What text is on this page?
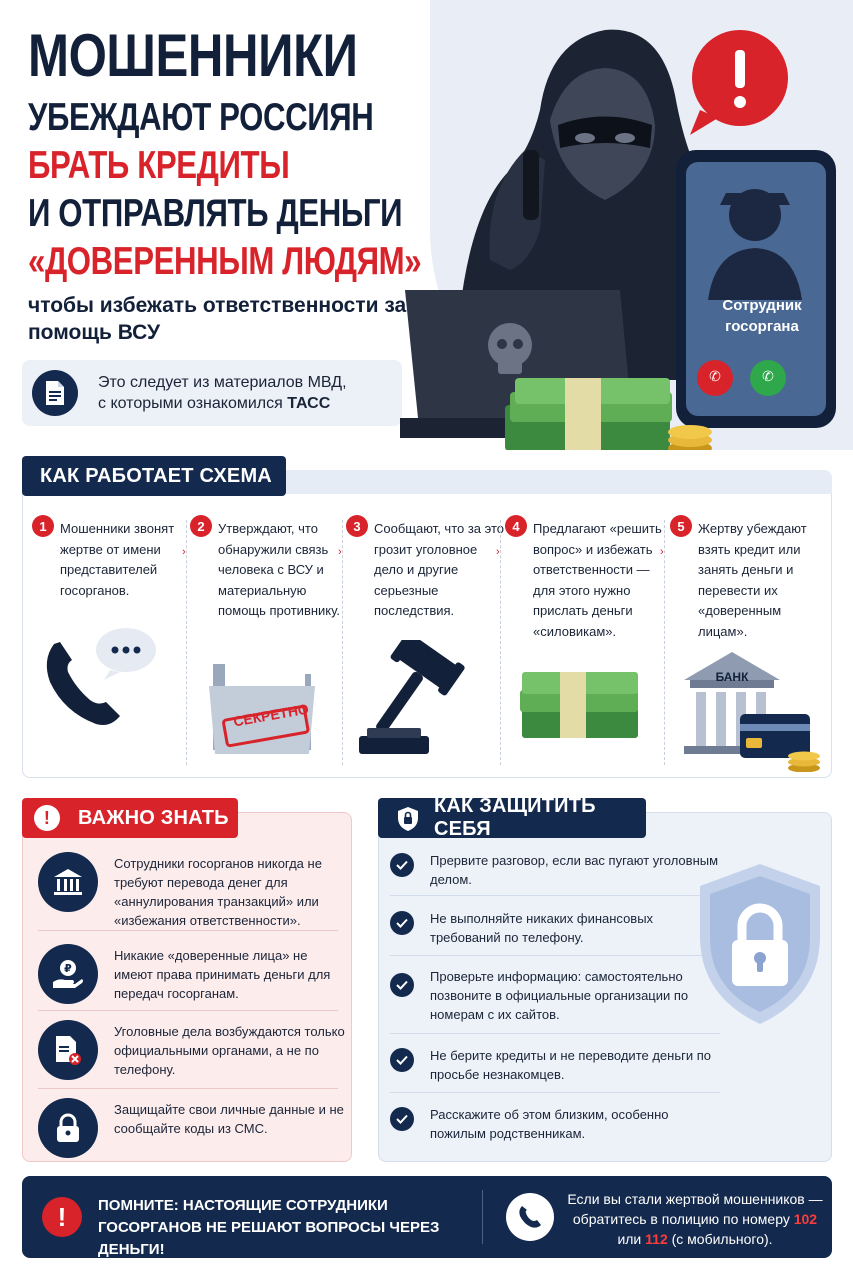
МОШЕННИКИ
УБЕЖДАЮТ РОССИЯН
БРАТЬ КРЕДИТЫ
И ОТПРАВЛЯТЬ ДЕНЬГИ
«ДОВЕРЕННЫМ ЛЮДЯМ»
чтобы избежать ответственности за помощь ВСУ
Это следует из материалов МВД,
с которыми ознакомился ТАСС
Сотрудник
госоргана
✆	✆
КАК РАБОТАЕТ СХЕМА
1	Мошенники звонят жертве от имени представителей госорганов.
2	Утверждают, что обнаружили связь человека с ВСУ и материальную помощь противнику.
3	Сообщают, что за это грозит уголовное дело и другие серьезные последствия.
4	Предлагают «решить вопрос» и избежать ответственности — для этого нужно прислать деньги «силовикам».
5	Жертву убеждают взять кредит или занять деньги и перевести их «доверенным лицам».
›	›	›	›
СЕКРЕТНО
БАНК
!	ВАЖНО ЗНАТЬ
Сотрудники госорганов никогда не требуют перевода денег для «аннулирования транзакций» или «избежания ответственности».
₽
Никакие «доверенные лица» не имеют права принимать деньги для передач госорганам.
Уголовные дела возбуждаются только официальными органами, а не по телефону.
Защищайте свои личные данные и не сообщайте коды из СМС.
КАК ЗАЩИТИТЬ СЕБЯ
Прервите разговор, если вас пугают уголовным делом.
Не выполняйте никаких финансовых требований по телефону.
Проверьте информацию: самостоятельно позвоните в официальные организации по номерам с их сайтов.
Не берите кредиты и не переводите деньги по просьбе незнакомцев.
Расскажите об этом близким, особенно пожилым родственникам.
!	ПОМНИТЕ: НАСТОЯЩИЕ СОТРУДНИКИ ГОСОРГАНОВ НЕ РЕШАЮТ ВОПРОСЫ ЧЕРЕЗ ДЕНЬГИ!
Если вы стали жертвой мошенников — обратитесь в полицию по номеру 102 или 112 (с мобильного).
